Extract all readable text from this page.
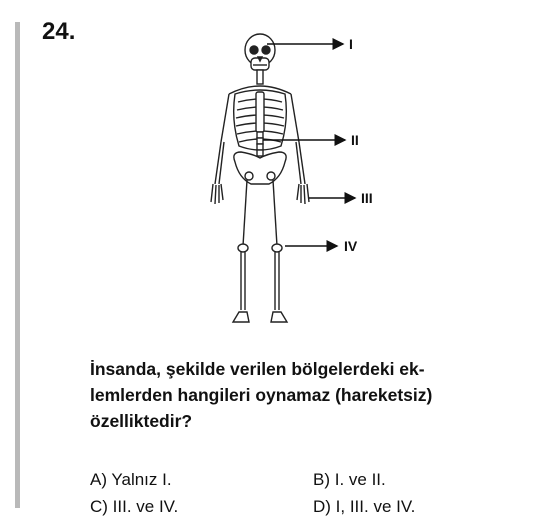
24.	I
II
III
IV
İnsanda, şekilde verilen bölgelerdeki ek-
lemlerden hangileri oynamaz (hareketsiz)
özelliktedir?
A) Yalnız I.	B) I. ve II.
C) III. ve IV.	D) I, III. ve IV.
